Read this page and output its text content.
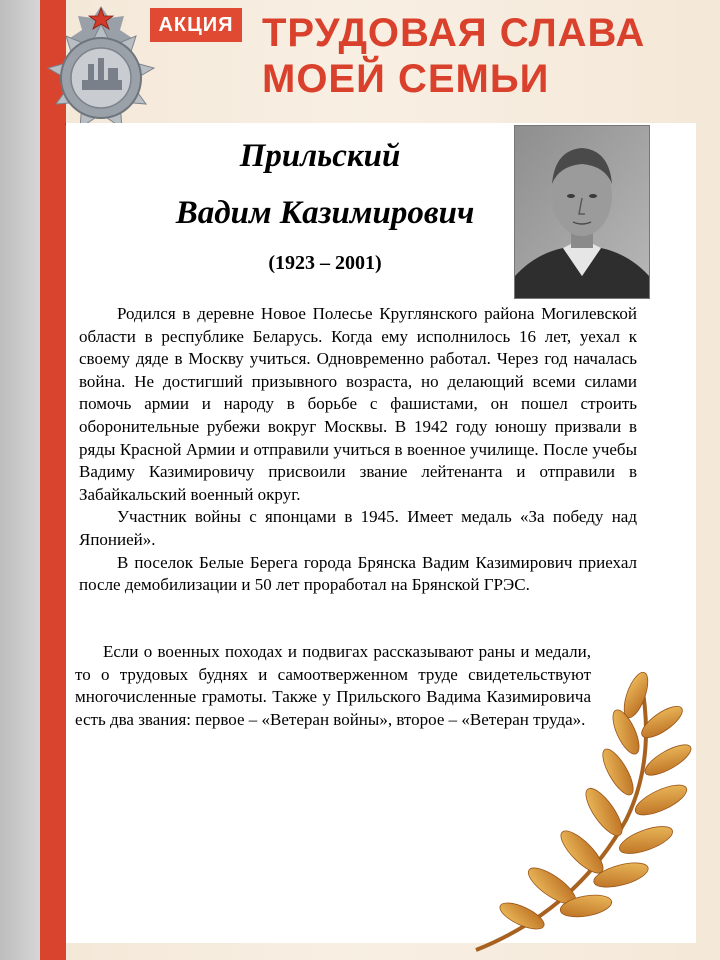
АКЦИЯ ТРУДОВАЯ СЛАВА
МОЕЙ СЕМЬИ
Прильский
Вадим Казимирович
(1923 – 2001)

Родился в деревне Новое Полесье Круглянского района Могилевской области в республике Беларусь. Когда ему исполнилось 16 лет, уехал к своему дяде в Москву учиться. Одновременно работал. Через год началась война. Не достигший призывного возраста, но делающий всеми силами помочь армии и народу в борьбе с фашистами, он пошел строить оборонительные рубежи вокруг Москвы. В 1942 году юношу призвали в ряды Красной Армии и отправили учиться в военное училище. После учебы Вадиму Казимировичу присвоили звание лейтенанта и отправили в Забайкальский военный округ.

Участник войны с японцами в 1945. Имеет медаль «За победу над Японией».

В поселок Белые Берега города Брянска Вадим Казимирович приехал после демобилизации и 50 лет проработал на Брянской ГРЭС.

Если о военных походах и подвигах рассказывают раны и медали, то о трудовых буднях и самоотверженном труде свидетельствуют многочисленные грамоты. Также у Прильского Вадима Казимировича есть два звания: первое – «Ветеран войны», второе – «Ветеран труда».
